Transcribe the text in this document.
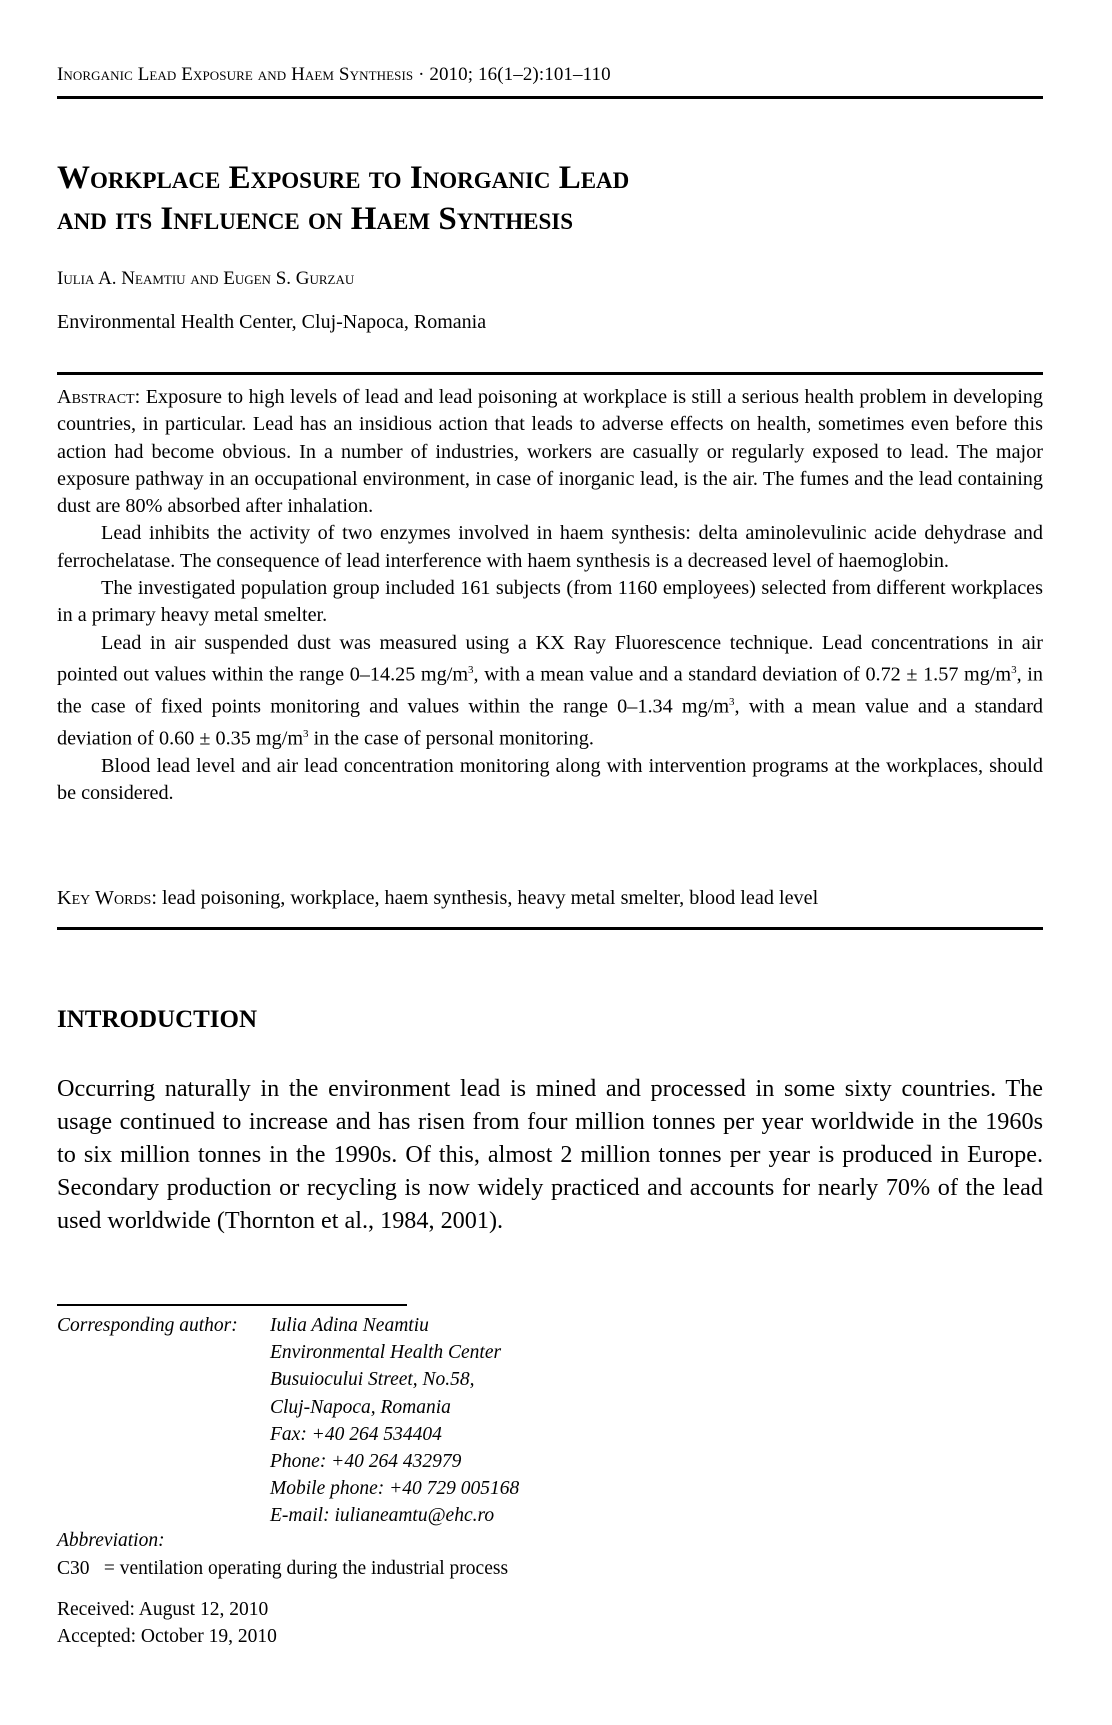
Inorganic Lead Exposure and Haem Synthesis · 2010; 16(1–2):101–110
Workplace Exposure to Inorganic Lead
and its Influence on Haem Synthesis
Iulia A. Neamtiu and Eugen S. Gurzau
Environmental Health Center, Cluj-Napoca, Romania

Abstract: Exposure to high levels of lead and lead poisoning at workplace is still a serious health problem in developing countries, in particular. Lead has an insidious action that leads to adverse effects on health, sometimes even before this action had become obvious. In a number of industries, workers are casually or regularly exposed to lead. The major exposure pathway in an occupational environment, in case of inorganic lead, is the air. The fumes and the lead containing dust are 80% absorbed after inhalation.

Lead inhibits the activity of two enzymes involved in haem synthesis: delta aminolevulinic acide dehydrase and ferrochelatase. The consequence of lead interference with haem synthesis is a decreased level of haemoglobin.

The investigated population group included 161 subjects (from 1160 employees) selected from different workplaces in a primary heavy metal smelter.

Lead in air suspended dust was measured using a KX Ray Fluorescence technique. Lead concentrations in air pointed out values within the range 0–14.25 $mg/m^3$, with a mean value and a standard deviation of 0.72 ± 1.57 $mg/m^3$, in the case of fixed points monitoring and values within the range 0–1.34 $mg/m^3$, with a mean value and a standard deviation of 0.60 ± 0.35 $mg/m^3$ in the case of personal monitoring.

Blood lead level and air lead concentration monitoring along with intervention programs at the workplaces, should be considered.

Key Words: lead poisoning, workplace, haem synthesis, heavy metal smelter, blood lead level
INTRODUCTION

Occurring naturally in the environment lead is mined and processed in some sixty countries. The usage continued to increase and has risen from four million tonnes per year worldwide in the 1960s to six million tonnes in the 1990s. Of this, almost 2 million tonnes per year is produced in Europe. Secondary production or recycling is now widely practiced and accounts for nearly 70% of the lead used worldwide (Thornton et al., 1984, 2001).

Corresponding author:	Iulia Adina Neamtiu
Environmental Health Center
Busuiocului Street, No.58,
Cluj-Napoca, Romania
Fax: +40 264 534404
Phone: +40 264 432979
Mobile phone: +40 729 005168
E-mail: iulianeamtu@ehc.ro
Abbreviation:
C30 = ventilation operating during the industrial process
Received: August 12, 2010
Accepted: October 19, 2010
